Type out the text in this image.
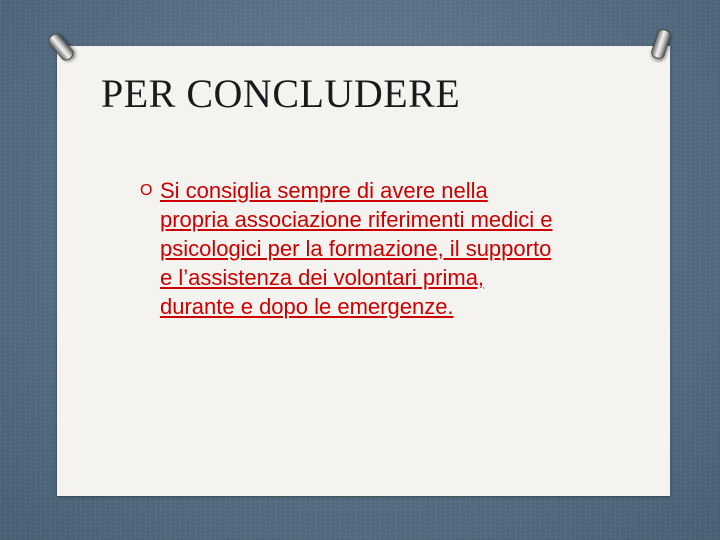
PER CONCLUDERE
O Si consiglia sempre di avere nella propria associazione riferimenti medici e psicologici per la formazione, il supporto e l’assistenza dei volontari prima, durante e dopo le emergenze.
